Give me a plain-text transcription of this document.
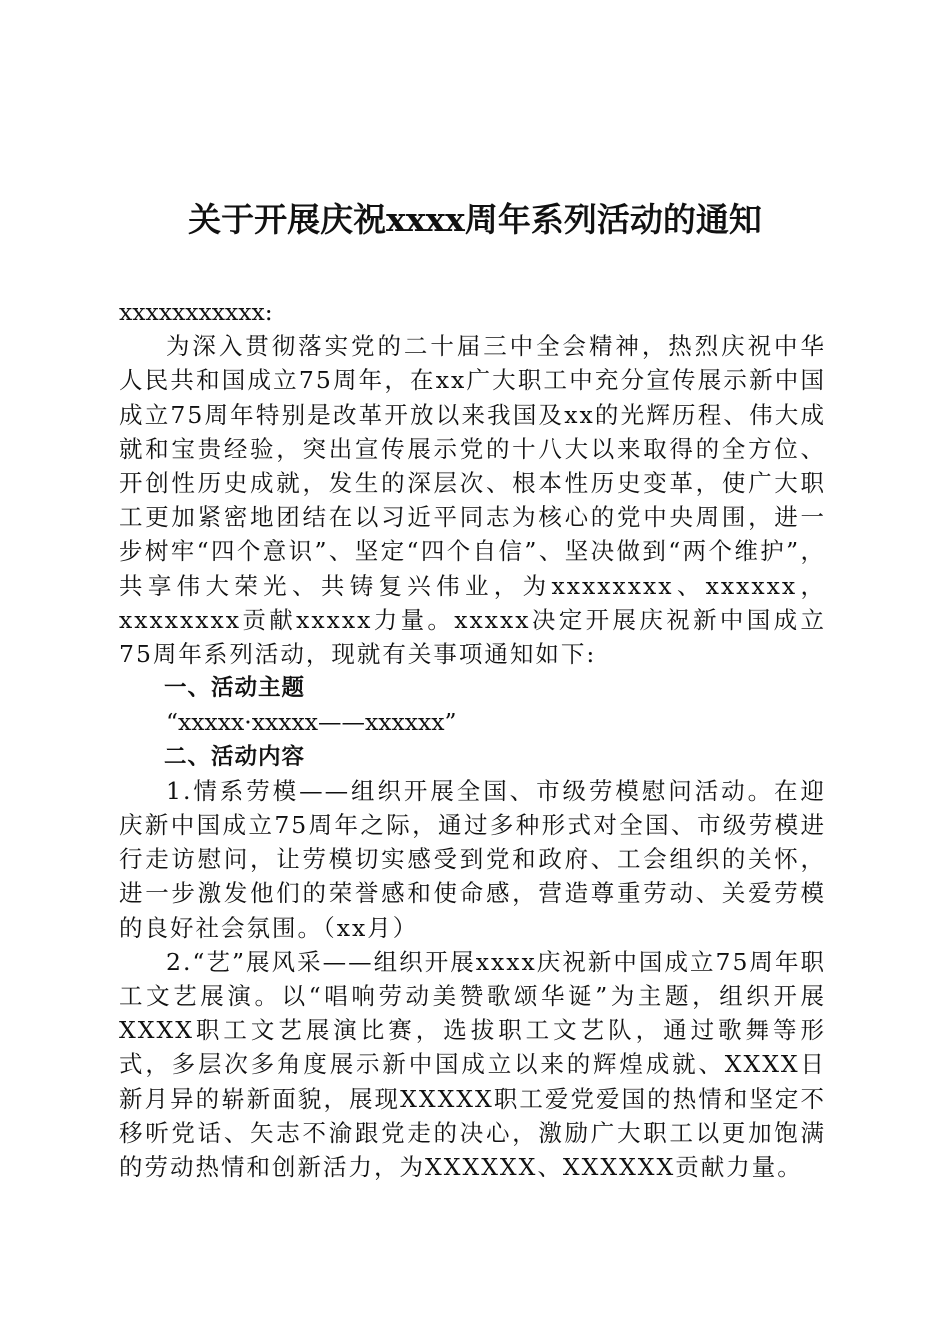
关于开展庆祝xxxx周年系列活动的通知

xxxxxxxxxxx:

为深入贯彻落实党的二十届三中全会精神，热烈庆祝中华人民共和国成立75周年，在xx广大职工中充分宣传展示新中国成立75周年特别是改革开放以来我国及xx的光辉历程、伟大成就和宝贵经验，突出宣传展示党的十八大以来取得的全方位、开创性历史成就，发生的深层次、根本性历史变革，使广大职工更加紧密地团结在以习近平同志为核心的党中央周围，进一步树牢“四个意识”、坚定“四个自信”、坚决做到“两个维护”，共享伟大荣光、共铸复兴伟业，为xxxxxxxx、xxxxxx，xxxxxxxx贡献xxxxx力量。xxxxx决定开展庆祝新中国成立75周年系列活动，现就有关事项通知如下:

一、活动主题

“xxxxx·xxxxx——xxxxxx”

二、活动内容

1.情系劳模——组织开展全国、市级劳模慰问活动。在迎庆新中国成立75周年之际，通过多种形式对全国、市级劳模进行走访慰问，让劳模切实感受到党和政府、工会组织的关怀，进一步激发他们的荣誉感和使命感，营造尊重劳动、关爱劳模的良好社会氛围。（xx月）

2.“艺”展风采——组织开展xxxx庆祝新中国成立75周年职工文艺展演。以“唱响劳动美赞歌颂华诞”为主题，组织开展XXXX职工文艺展演比赛，选拔职工文艺队，通过歌舞等形式，多层次多角度展示新中国成立以来的辉煌成就、XXXX日新月异的崭新面貌，展现XXXXX职工爱党爱国的热情和坚定不移听党话、矢志不渝跟党走的决心，激励广大职工以更加饱满的劳动热情和创新活力，为XXXXXX、XXXXXX贡献力量。
